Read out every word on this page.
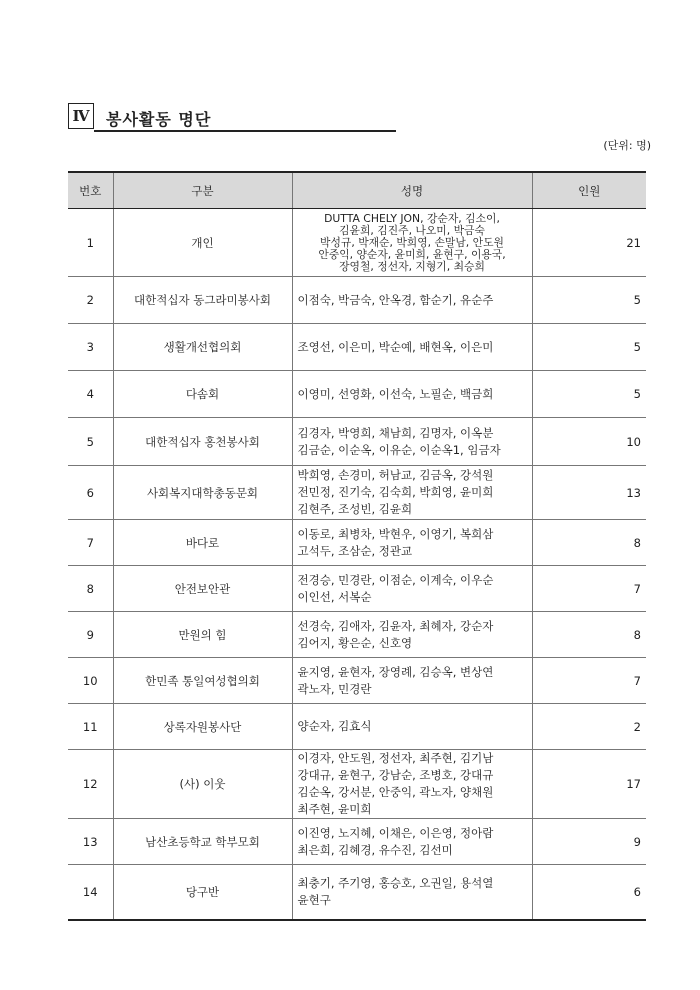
Ⅳ 봉사활동 명단
(단위: 명)
번호	구분	성명	인원
1	개인	DUTTA CHELY JON, 강순자, 김소이,
김윤희, 김진주, 나오미, 박금숙
박성규, 박재순, 박희영, 손말남, 안도원
안중익, 양순자, 윤미희, 윤현구, 이용국,
장영철, 정선자, 지형기, 최승희	21
2	대한적십자 동그라미봉사회	이점숙, 박금숙, 안옥경, 함순기, 유순주	5
3	생활개선협의회	조영선, 이은미, 박순예, 배현옥, 이은미	5
4	다솜회	이영미, 선영화, 이선숙, 노필순, 백금희	5
5	대한적십자 홍천봉사회	김경자, 박영희, 채남희, 김명자, 이옥분
김금순, 이순옥, 이유순, 이순옥1, 임금자	10
6	사회복지대학총동문회	박희영, 손경미, 허남교, 김금옥, 강석원
전민정, 진기숙, 김숙희, 박희영, 윤미희
김현주, 조성빈, 김윤희	13
7	바다로	이동로, 최병차, 박현우, 이영기, 복희삼
고석두, 조삼순, 정관교	8
8	안전보안관	전경승, 민경란, 이점순, 이계숙, 이우순
이인선, 서복순	7
9	만원의 힘	선경숙, 김애자, 김윤자, 최혜자, 강순자
김어지, 황은순, 신호영	8
10	한민족 통일여성협의회	윤지영, 윤현자, 장영례, 김승옥, 변상연
곽노자, 민경란	7
11	상록자원봉사단	양순자, 김효식	2
12	(사) 이웃	이경자, 안도원, 정선자, 최주현, 김기남
강대규, 윤현구, 강남순, 조병호, 강대규
김순옥, 강서분, 안중익, 곽노자, 양채원
최주현, 윤미희	17
13	남산초등학교 학부모회	이진영, 노지혜, 이채은, 이은영, 정아람
최은희, 김혜경, 유수진, 김선미	9
14	당구반	최충기, 주기영, 홍승호, 오권일, 용석열
윤현구	6
